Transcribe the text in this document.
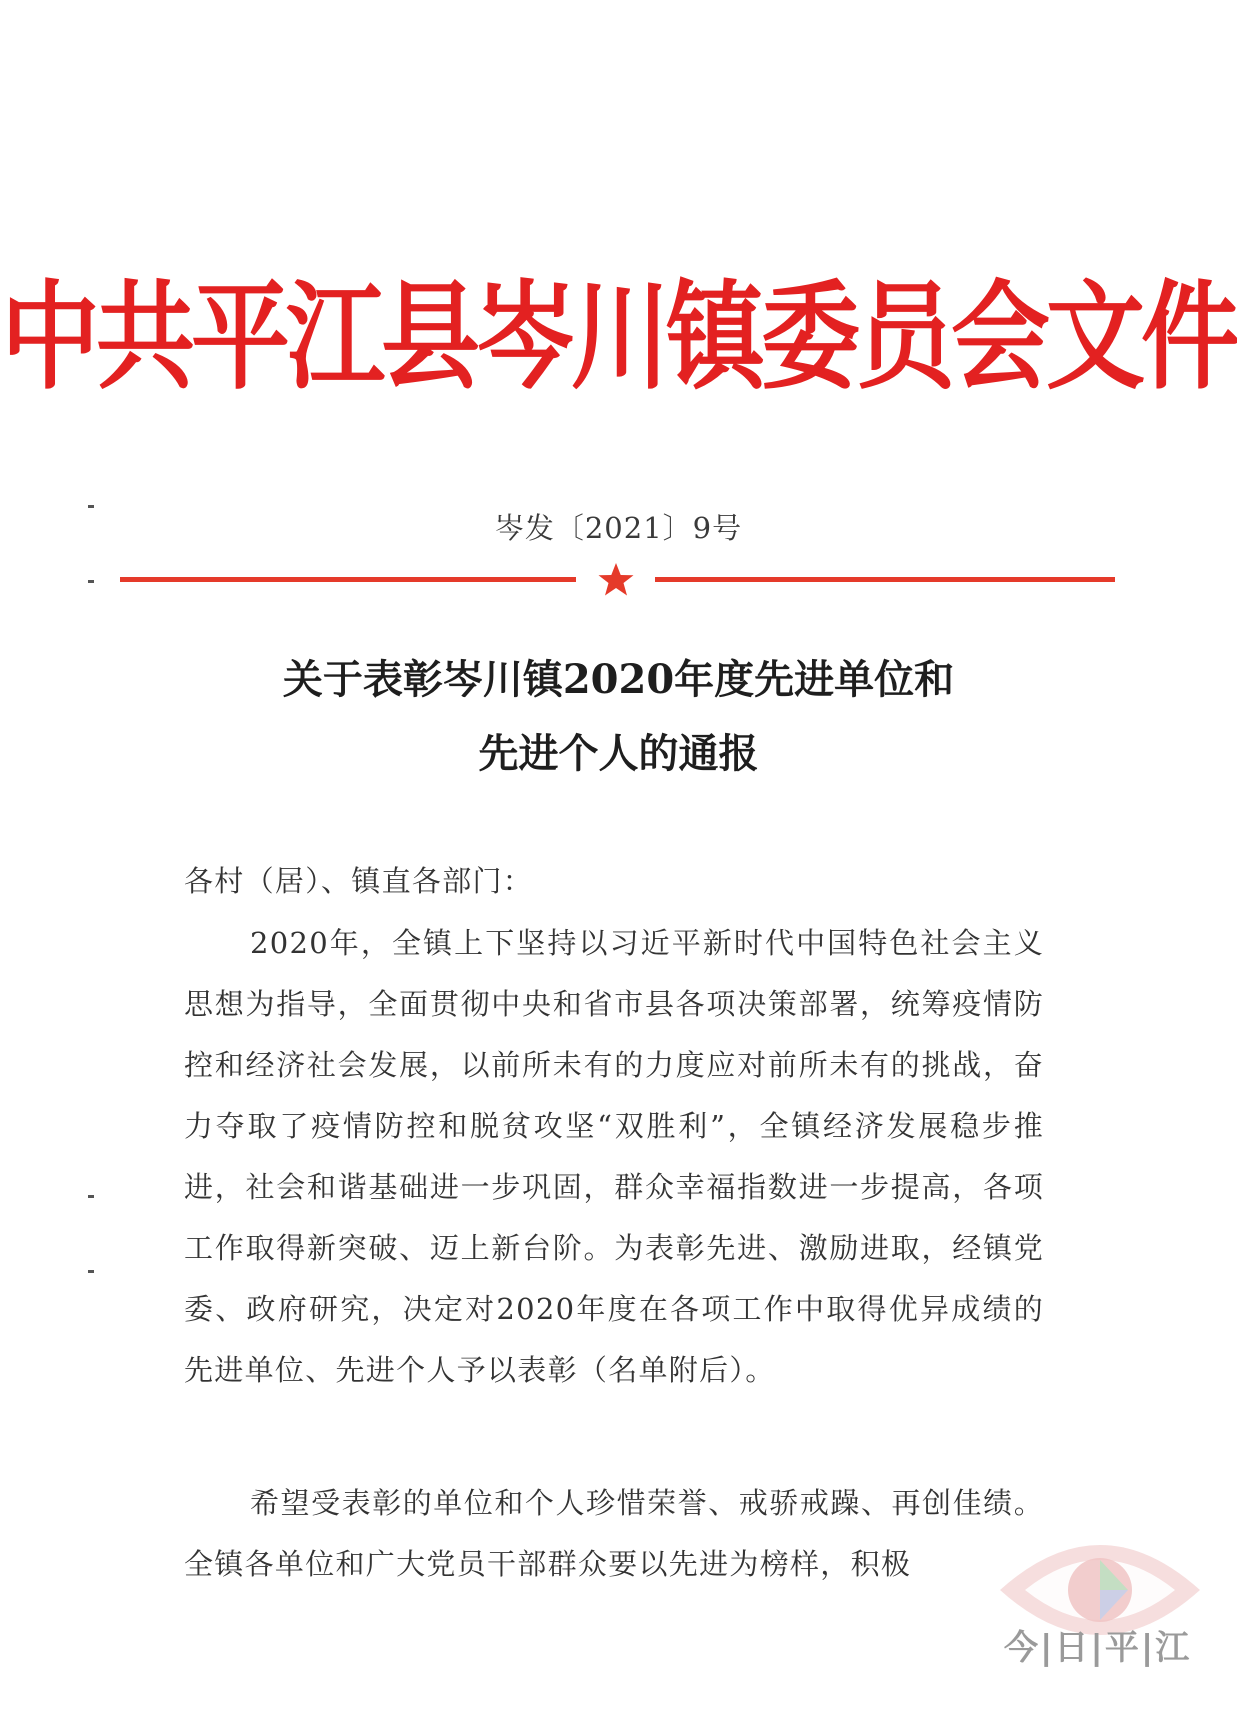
中共平江县岑川镇委员会文件
岑发〔2021〕9号
关于表彰岑川镇2020年度先进单位和
先进个人的通报
各村（居）、镇直各部门：
2020年，全镇上下坚持以习近平新时代中国特色社会主义思想为指导，全面贯彻中央和省市县各项决策部署，统筹疫情防控和经济社会发展，以前所未有的力度应对前所未有的挑战，奋力夺取了疫情防控和脱贫攻坚“双胜利”，全镇经济发展稳步推进，社会和谐基础进一步巩固，群众幸福指数进一步提高，各项工作取得新突破、迈上新台阶。为表彰先进、激励进取，经镇党委、政府研究，决定对2020年度在各项工作中取得优异成绩的先进单位、先进个人予以表彰（名单附后）。
希望受表彰的单位和个人珍惜荣誉、戒骄戒躁、再创佳绩。全镇各单位和广大党员干部群众要以先进为榜样，积极
今|日|平|江
